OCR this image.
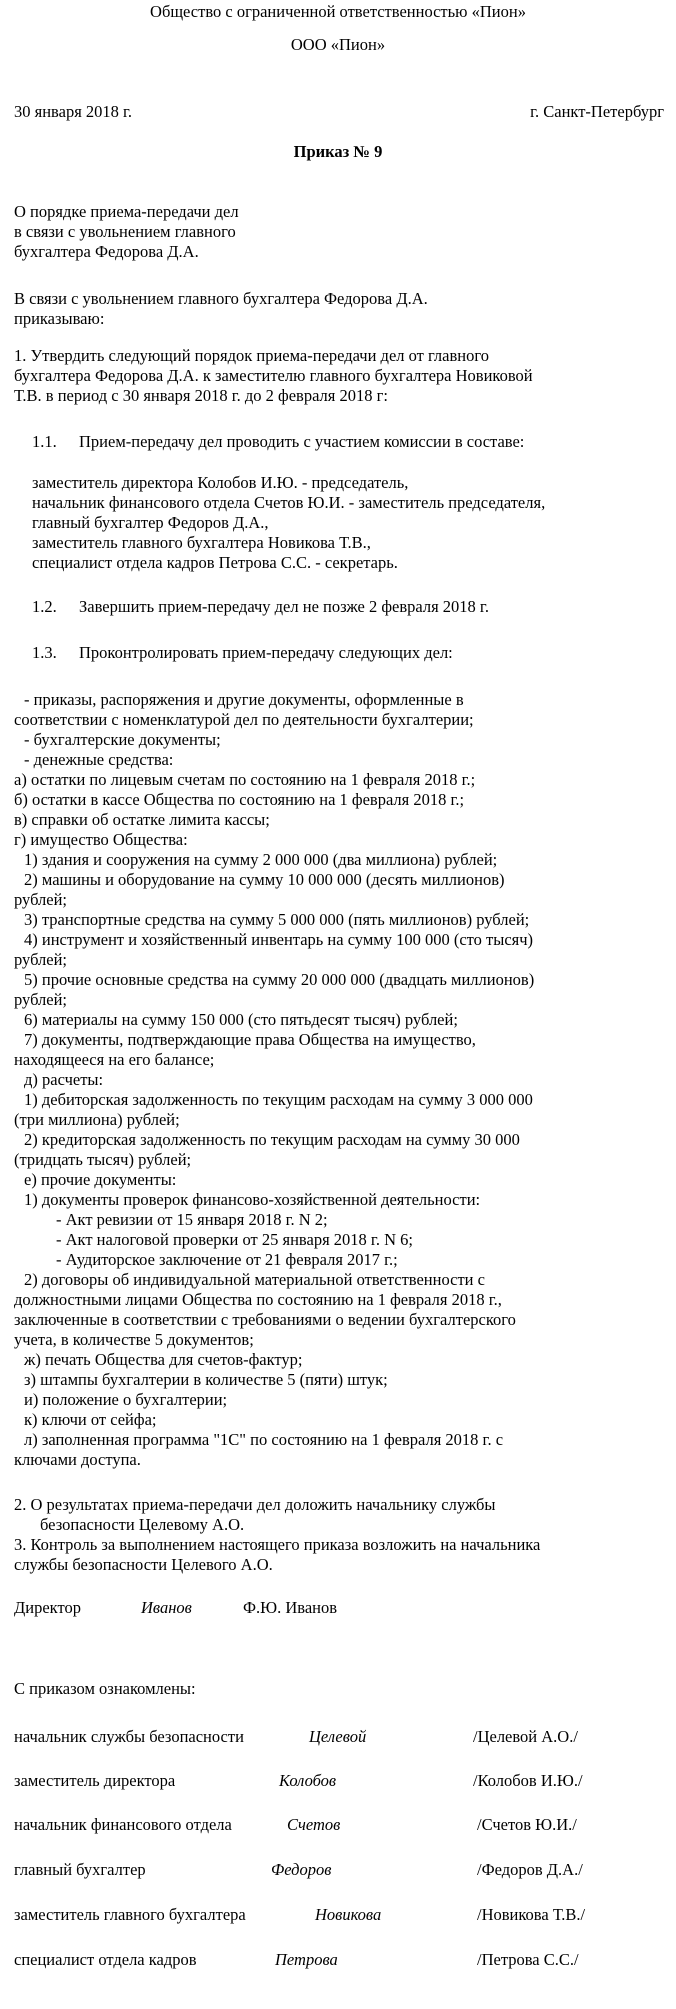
Общество с ограниченной ответственностью «Пион»
ООО «Пион»
30 января 2018 г.	г. Санкт-Петербург
Приказ № 9
О порядке приема-передачи дел
в связи с увольнением главного
бухгалтера Федорова Д.А.
В связи с увольнением главного бухгалтера Федорова Д.А.
приказываю:
1. Утвердить следующий порядок приема-передачи дел от главного
бухгалтера Федорова Д.А. к заместителю главного бухгалтера Новиковой
Т.В. в период с 30 января 2018 г. до 2 февраля 2018 г:
1.1. Прием-передачу дел проводить с участием комиссии в составе:
заместитель директора Колобов И.Ю. - председатель,
начальник финансового отдела Счетов Ю.И. - заместитель председателя,
главный бухгалтер Федоров Д.А.,
заместитель главного бухгалтера Новикова Т.В.,
специалист отдела кадров Петрова С.С. - секретарь.
1.2. Завершить прием-передачу дел не позже 2 февраля 2018 г.
1.3. Проконтролировать прием-передачу следующих дел:
- приказы, распоряжения и другие документы, оформленные в
соответствии с номенклатурой дел по деятельности бухгалтерии;
- бухгалтерские документы;
- денежные средства:
а) остатки по лицевым счетам по состоянию на 1 февраля 2018 г.;
б) остатки в кассе Общества по состоянию на 1 февраля 2018 г.;
в) справки об остатке лимита кассы;
г) имущество Общества:
1) здания и сооружения на сумму 2 000 000 (два миллиона) рублей;
2) машины и оборудование на сумму 10 000 000 (десять миллионов)
рублей;
3) транспортные средства на сумму 5 000 000 (пять миллионов) рублей;
4) инструмент и хозяйственный инвентарь на сумму 100 000 (сто тысяч)
рублей;
5) прочие основные средства на сумму 20 000 000 (двадцать миллионов)
рублей;
6) материалы на сумму 150 000 (сто пятьдесят тысяч) рублей;
7) документы, подтверждающие права Общества на имущество,
находящееся на его балансе;
д) расчеты:
1) дебиторская задолженность по текущим расходам на сумму 3 000 000
(три миллиона) рублей;
2) кредиторская задолженность по текущим расходам на сумму 30 000
(тридцать тысяч) рублей;
е) прочие документы:
1) документы проверок финансово-хозяйственной деятельности:
- Акт ревизии от 15 января 2018 г. N 2;
- Акт налоговой проверки от 25 января 2018 г. N 6;
- Аудиторское заключение от 21 февраля 2017 г.;
2) договоры об индивидуальной материальной ответственности с
должностными лицами Общества по состоянию на 1 февраля 2018 г.,
заключенные в соответствии с требованиями о ведении бухгалтерского
учета, в количестве 5 документов;
ж) печать Общества для счетов-фактур;
з) штампы бухгалтерии в количестве 5 (пяти) штук;
и) положение о бухгалтерии;
к) ключи от сейфа;
л) заполненная программа "1С" по состоянию на 1 февраля 2018 г. с
ключами доступа.
2. О результатах приема-передачи дел доложить начальнику службы
безопасности Целевому А.О.
3. Контроль за выполнением настоящего приказа возложить на начальника
службы безопасности Целевого А.О.
Директор	Иванов	Ф.Ю. Иванов
С приказом ознакомлены:
начальник службы безопасности	Целевой	/Целевой А.О./
заместитель директора	Колобов	/Колобов И.Ю./
начальник финансового отдела	Счетов	/Счетов Ю.И./
главный бухгалтер	Федоров	/Федоров Д.А./
заместитель главного бухгалтера	Новикова	/Новикова Т.В./
специалист отдела кадров	Петрова	/Петрова С.С./
